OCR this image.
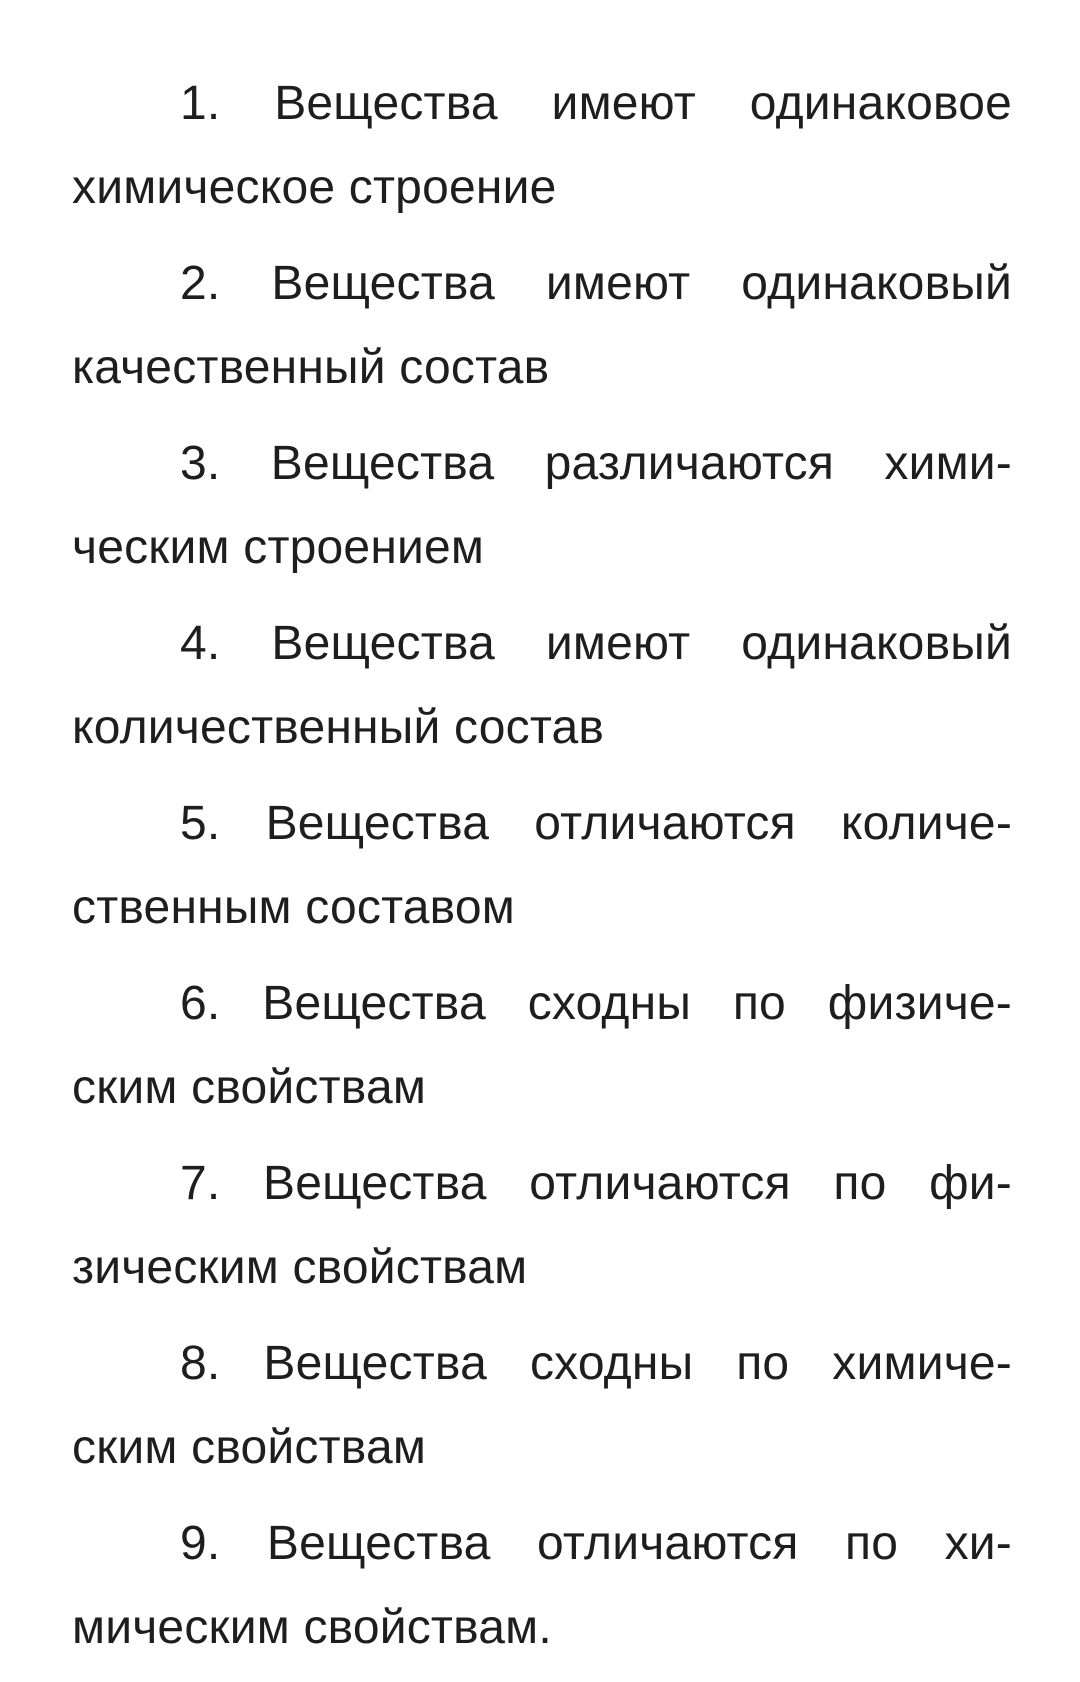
1. Вещества имеют одинаковое
химическое строение
2. Вещества имеют одинаковый
качественный состав
3. Вещества различаются хими-
ческим строением
4. Вещества имеют одинаковый
количественный состав
5. Вещества отличаются количе-
ственным составом
6. Вещества сходны по физиче-
ским свойствам
7. Вещества отличаются по фи-
зическим свойствам
8. Вещества сходны по химиче-
ским свойствам
9. Вещества отличаются по хи-
мическим свойствам.
